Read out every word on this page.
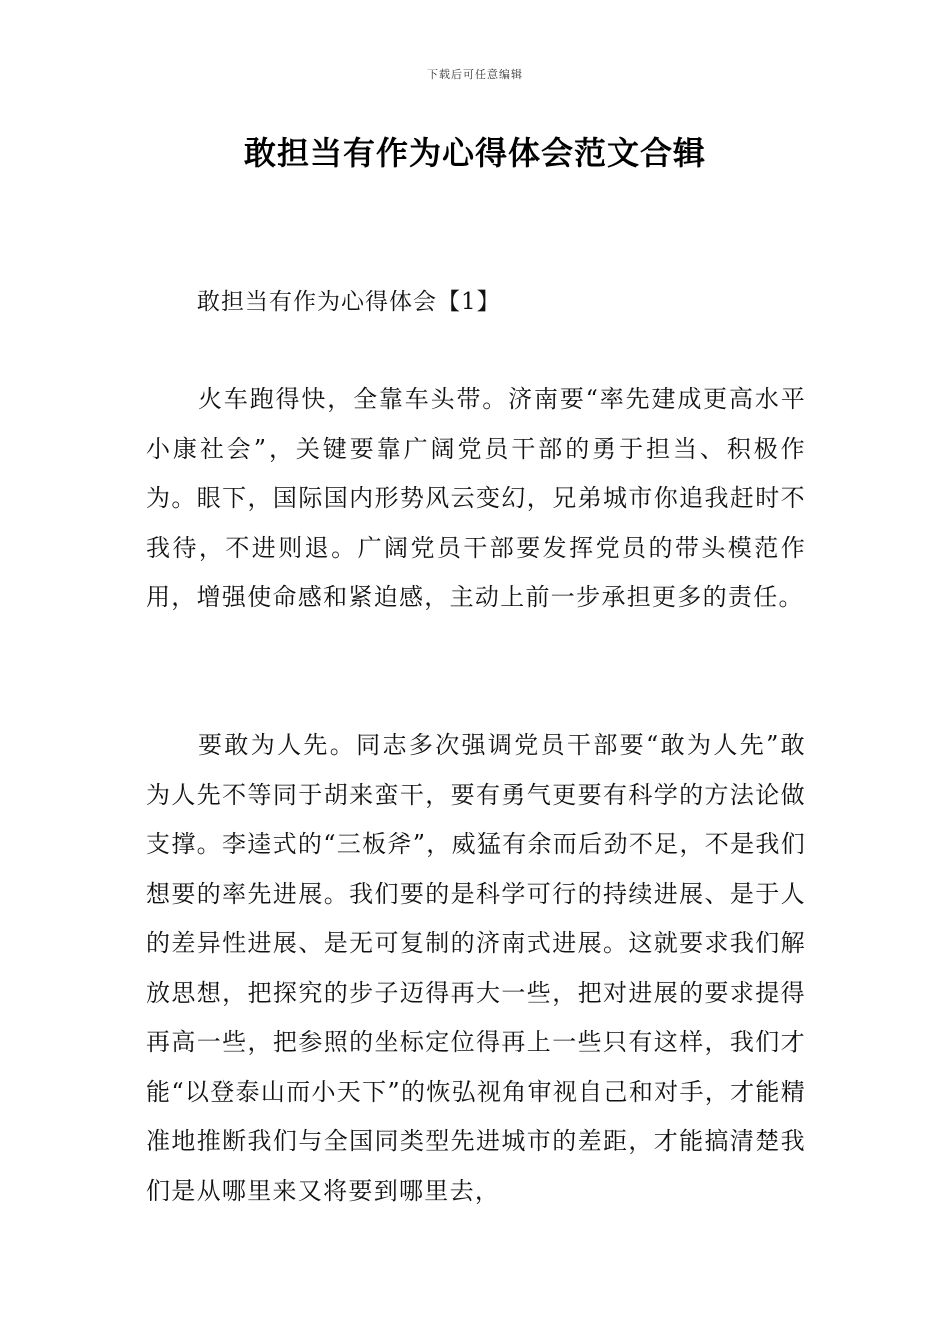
下载后可任意编辑
敢担当有作为心得体会范文合辑
敢担当有作为心得体会【1】

火车跑得快，全靠车头带。济南要“率先建成更高水平小康社会”，关键要靠广阔党员干部的勇于担当、积极作为。眼下，国际国内形势风云变幻，兄弟城市你追我赶时不我待，不进则退。广阔党员干部要发挥党员的带头模范作用，增强使命感和紧迫感，主动上前一步承担更多的责任。

要敢为人先。同志多次强调党员干部要“敢为人先”敢为人先不等同于胡来蛮干，要有勇气更要有科学的方法论做支撑。李逵式的“三板斧”，威猛有余而后劲不足，不是我们想要的率先进展。我们要的是科学可行的持续进展、是于人的差异性进展、是无可复制的济南式进展。这就要求我们解放思想，把探究的步子迈得再大一些，把对进展的要求提得再高一些，把参照的坐标定位得再上一些只有这样，我们才能“以登泰山而小天下”的恢弘视角审视自己和对手，才能精准地推断我们与全国同类型先进城市的差距，才能搞清楚我们是从哪里来又将要到哪里去，
